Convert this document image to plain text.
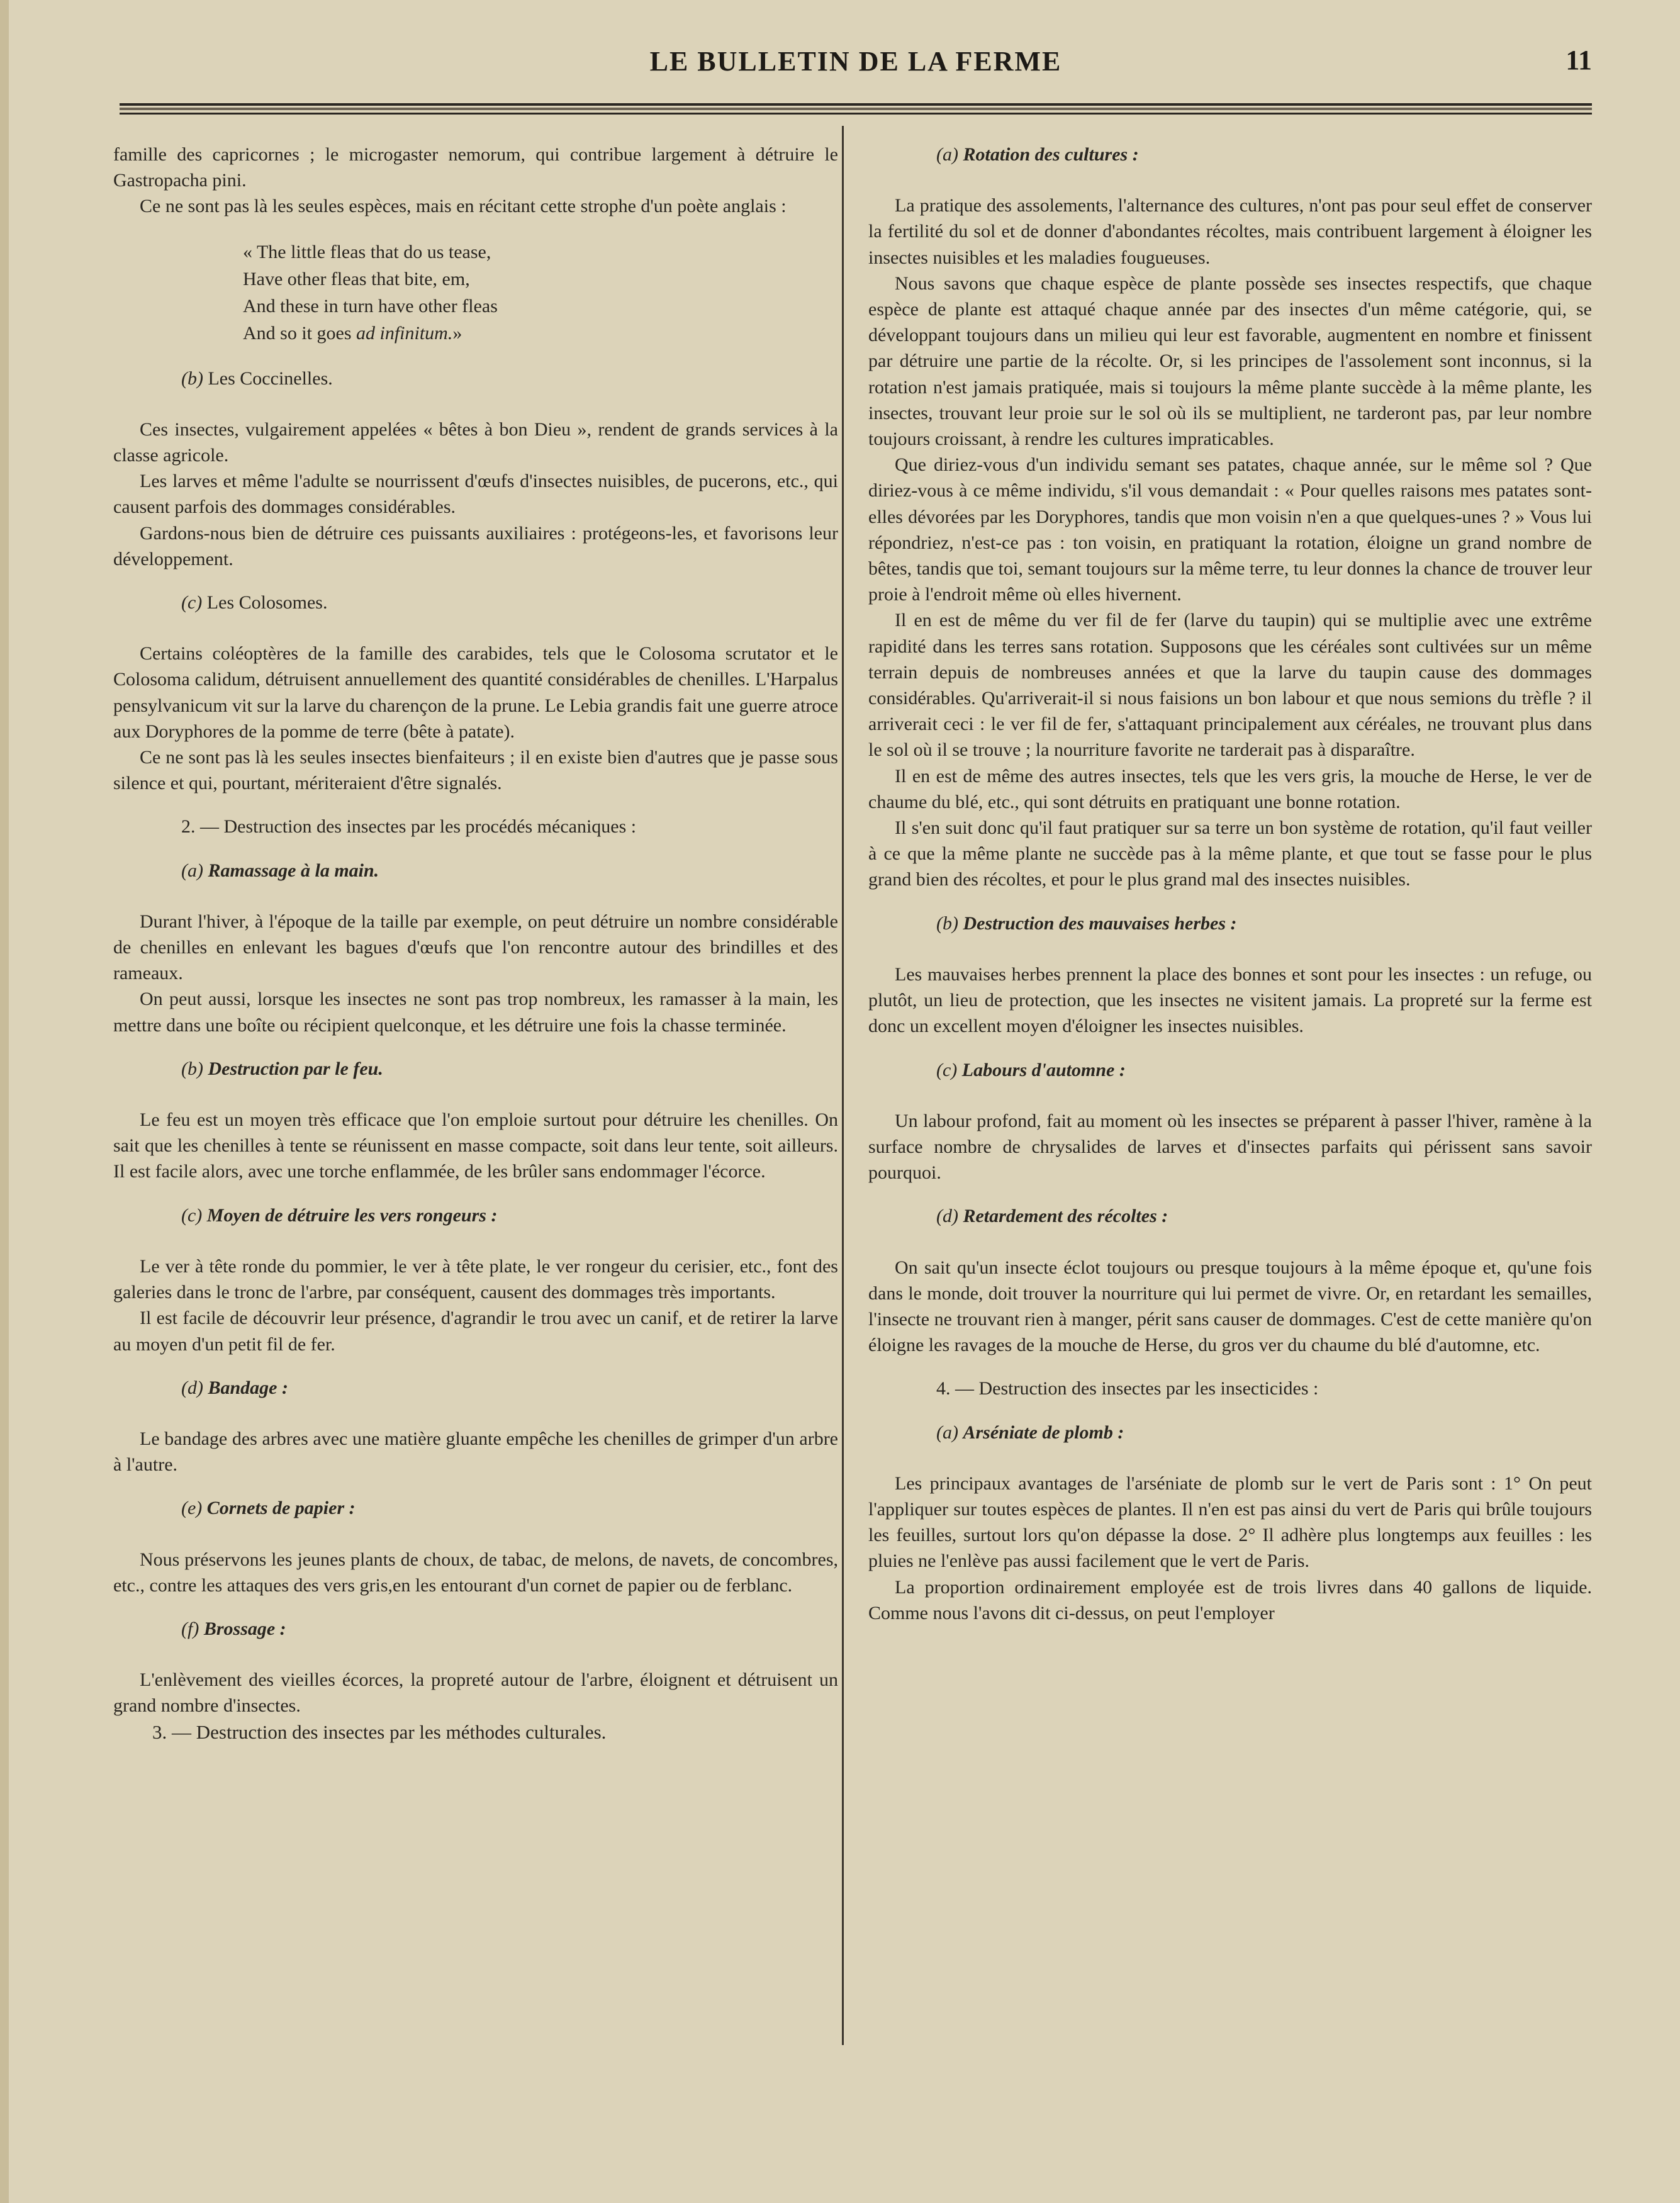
LE BULLETIN DE LA FERME	11

famille des capricornes ; le microgaster nemorum, qui contribue largement à détruire le Gastropacha pini.

Ce ne sont pas là les seules espèces, mais en récitant cette strophe d'un poète anglais :

« The little fleas that do us tease,
Have other fleas that bite, em,
And these in turn have other fleas
And so it goes ad infinitum.»

(b) Les Coccinelles.

Ces insectes, vulgairement appelées « bêtes à bon Dieu », rendent de grands services à la classe agricole.

Les larves et même l'adulte se nourrissent d'œufs d'insectes nuisibles, de pucerons, etc., qui causent parfois des dommages considérables.

Gardons-nous bien de détruire ces puissants auxiliaires : protégeons-les, et favorisons leur développement.

(c) Les Colosomes.

Certains coléoptères de la famille des carabides, tels que le Colosoma scrutator et le Colosoma calidum, détruisent annuellement des quantité considérables de chenilles. L'Harpalus pensylvanicum vit sur la larve du charençon de la prune. Le Lebia grandis fait une guerre atroce aux Doryphores de la pomme de terre (bête à patate).

Ce ne sont pas là les seules insectes bienfaiteurs ; il en existe bien d'autres que je passe sous silence et qui, pourtant, mériteraient d'être signalés.

2. — Destruction des insectes par les procédés mécaniques :

(a) Ramassage à la main.

Durant l'hiver, à l'époque de la taille par exemple, on peut détruire un nombre considérable de chenilles en enlevant les bagues d'œufs que l'on rencontre autour des brindilles et des rameaux.

On peut aussi, lorsque les insectes ne sont pas trop nombreux, les ramasser à la main, les mettre dans une boîte ou récipient quelconque, et les détruire une fois la chasse terminée.

(b) Destruction par le feu.

Le feu est un moyen très efficace que l'on emploie surtout pour détruire les chenilles. On sait que les chenilles à tente se réunissent en masse compacte, soit dans leur tente, soit ailleurs. Il est facile alors, avec une torche enflammée, de les brûler sans endommager l'écorce.

(c) Moyen de détruire les vers rongeurs :

Le ver à tête ronde du pommier, le ver à tête plate, le ver rongeur du cerisier, etc., font des galeries dans le tronc de l'arbre, par conséquent, causent des dommages très importants.

Il est facile de découvrir leur présence, d'agrandir le trou avec un canif, et de retirer la larve au moyen d'un petit fil de fer.

(d) Bandage :

Le bandage des arbres avec une matière gluante empêche les chenilles de grimper d'un arbre à l'autre.

(e) Cornets de papier :

Nous préservons les jeunes plants de choux, de tabac, de melons, de navets, de concombres, etc., contre les attaques des vers gris,en les entourant d'un cornet de papier ou de ferblanc.

(f) Brossage :

L'enlèvement des vieilles écorces, la propreté autour de l'arbre, éloignent et détruisent un grand nombre d'insectes.

3. — Destruction des insectes par les méthodes culturales.

(a) Rotation des cultures :

La pratique des assolements, l'alternance des cultures, n'ont pas pour seul effet de conserver la fertilité du sol et de donner d'abondantes récoltes, mais contribuent largement à éloigner les insectes nuisibles et les maladies fougueuses.

Nous savons que chaque espèce de plante possède ses insectes respectifs, que chaque espèce de plante est attaqué chaque année par des insectes d'un même catégorie, qui, se développant toujours dans un milieu qui leur est favorable, augmentent en nombre et finissent par détruire une partie de la récolte. Or, si les principes de l'assolement sont inconnus, si la rotation n'est jamais pratiquée, mais si toujours la même plante succède à la même plante, les insectes, trouvant leur proie sur le sol où ils se multiplient, ne tarderont pas, par leur nombre toujours croissant, à rendre les cultures impraticables.

Que diriez-vous d'un individu semant ses patates, chaque année, sur le même sol ? Que diriez-vous à ce même individu, s'il vous demandait : « Pour quelles raisons mes patates sont-elles dévorées par les Doryphores, tandis que mon voisin n'en a que quelques-unes ? » Vous lui répondriez, n'est-ce pas : ton voisin, en pratiquant la rotation, éloigne un grand nombre de bêtes, tandis que toi, semant toujours sur la même terre, tu leur donnes la chance de trouver leur proie à l'endroit même où elles hivernent.

Il en est de même du ver fil de fer (larve du taupin) qui se multiplie avec une extrême rapidité dans les terres sans rotation. Supposons que les céréales sont cultivées sur un même terrain depuis de nombreuses années et que la larve du taupin cause des dommages considérables. Qu'arriverait-il si nous faisions un bon labour et que nous semions du trèfle ? il arriverait ceci : le ver fil de fer, s'attaquant principalement aux céréales, ne trouvant plus dans le sol où il se trouve ; la nourriture favorite ne tarderait pas à disparaître.

Il en est de même des autres insectes, tels que les vers gris, la mouche de Herse, le ver de chaume du blé, etc., qui sont détruits en pratiquant une bonne rotation.

Il s'en suit donc qu'il faut pratiquer sur sa terre un bon système de rotation, qu'il faut veiller à ce que la même plante ne succède pas à la même plante, et que tout se fasse pour le plus grand bien des récoltes, et pour le plus grand mal des insectes nuisibles.

(b) Destruction des mauvaises herbes :

Les mauvaises herbes prennent la place des bonnes et sont pour les insectes : un refuge, ou plutôt, un lieu de protection, que les insectes ne visitent jamais. La propreté sur la ferme est donc un excellent moyen d'éloigner les insectes nuisibles.

(c) Labours d'automne :

Un labour profond, fait au moment où les insectes se préparent à passer l'hiver, ramène à la surface nombre de chrysalides de larves et d'insectes parfaits qui périssent sans savoir pourquoi.

(d) Retardement des récoltes :

On sait qu'un insecte éclot toujours ou presque toujours à la même époque et, qu'une fois dans le monde, doit trouver la nourriture qui lui permet de vivre. Or, en retardant les semailles, l'insecte ne trouvant rien à manger, périt sans causer de dommages. C'est de cette manière qu'on éloigne les ravages de la mouche de Herse, du gros ver du chaume du blé d'automne, etc.

4. — Destruction des insectes par les insecticides :

(a) Arséniate de plomb :

Les principaux avantages de l'arséniate de plomb sur le vert de Paris sont : 1° On peut l'appliquer sur toutes espèces de plantes. Il n'en est pas ainsi du vert de Paris qui brûle toujours les feuilles, surtout lors qu'on dépasse la dose. 2° Il adhère plus longtemps aux feuilles : les pluies ne l'enlève pas aussi facilement que le vert de Paris.

La proportion ordinairement employée est de trois livres dans 40 gallons de liquide. Comme nous l'avons dit ci-dessus, on peut l'employer
